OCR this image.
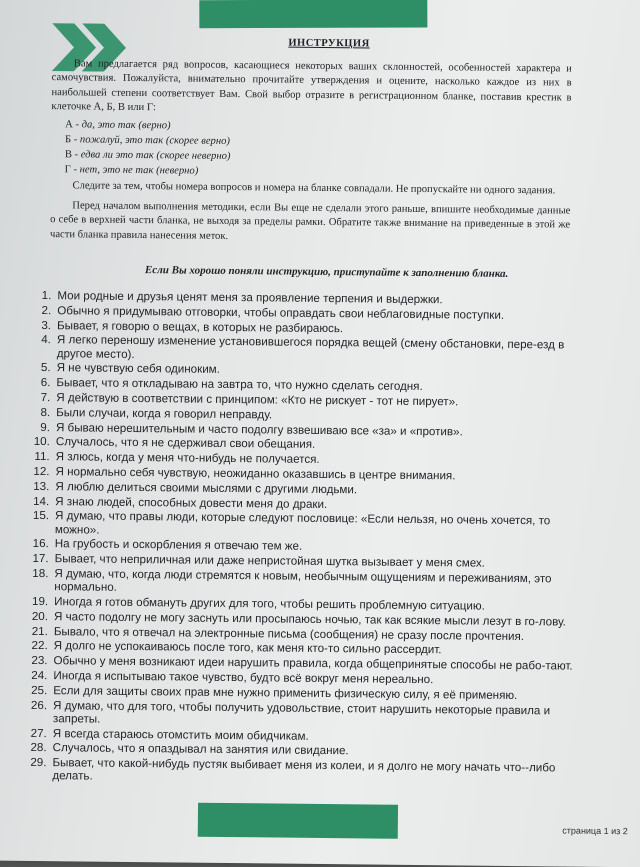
ИНСТРУКЦИЯ

Вам предлагается ряд вопросов, касающиеся некоторых ваших склонностей, особенностей характера и самочувствия. Пожалуйста, внимательно прочитайте утверждения и оцените, насколько каждое из них в наибольшей степени соответствует Вам. Свой выбор отразите в регистрационном бланке, поставив крестик в клеточке А, Б, В или Г:

А - да, это так (верно)
Б - пожалуй, это так (скорее верно)
В - едва ли это так (скорее неверно)
Г - нет, это не так (неверно)

Следите за тем, чтобы номера вопросов и номера на бланке совпадали. Не пропускайте ни одного задания.

Перед началом выполнения методики, если Вы еще не сделали этого раньше, впишите необходимые данные о себе в верхней части бланка, не выходя за пределы рамки. Обратите также внимание на приведенные в этой же части бланка правила нанесения меток.

Если Вы хорошо поняли инструкцию, приступайте к заполнению бланка.
1. Мои родные и друзья ценят меня за проявление терпения и выдержки.
2. Обычно я придумываю отговорки, чтобы оправдать свои неблаговидные поступки.
3. Бывает, я говорю о вещах, в которых не разбираюсь.
4. Я легко переношу изменение установившегося порядка вещей (смену обстановки, пере-езд в другое место).
5. Я не чувствую себя одиноким.
6. Бывает, что я откладываю на завтра то, что нужно сделать сегодня.
7. Я действую в соответствии с принципом: «Кто не рискует - тот не пирует».
8. Были случаи, когда я говорил неправду.
9. Я бываю нерешительным и часто подолгу взвешиваю все «за» и «против».
10. Случалось, что я не сдерживал свои обещания.
11. Я злюсь, когда у меня что-нибудь не получается.
12. Я нормально себя чувствую, неожиданно оказавшись в центре внимания.
13. Я люблю делиться своими мыслями с другими людьми.
14. Я знаю людей, способных довести меня до драки.
15. Я думаю, что правы люди, которые следуют пословице: «Если нельзя, но очень хочется, то можно».
16. На грубость и оскорбления я отвечаю тем же.
17. Бывает, что неприличная или даже непристойная шутка вызывает у меня смех.
18. Я думаю, что, когда люди стремятся к новым, необычным ощущениям и переживаниям, это нормально.
19. Иногда я готов обмануть других для того, чтобы решить проблемную ситуацию.
20. Я часто подолгу не могу заснуть или просыпаюсь ночью, так как всякие мысли лезут в го-лову.
21. Бывало, что я отвечал на электронные письма (сообщения) не сразу после прочтения.
22. Я долго не успокаиваюсь после того, как меня кто-то сильно рассердит.
23. Обычно у меня возникают идеи нарушить правила, когда общепринятые способы не рабо-тают.
24. Иногда я испытываю такое чувство, будто всё вокруг меня нереально.
25. Если для защиты своих прав мне нужно применить физическую силу, я её применяю.
26. Я думаю, что для того, чтобы получить удовольствие, стоит нарушить некоторые правила и запреты.
27. Я всегда стараюсь отомстить моим обидчикам.
28. Случалось, что я опаздывал на занятия или свидание.
29. Бывает, что какой-нибудь пустяк выбивает меня из колеи, и я долго не могу начать что--либо делать.
страница 1 из 2
